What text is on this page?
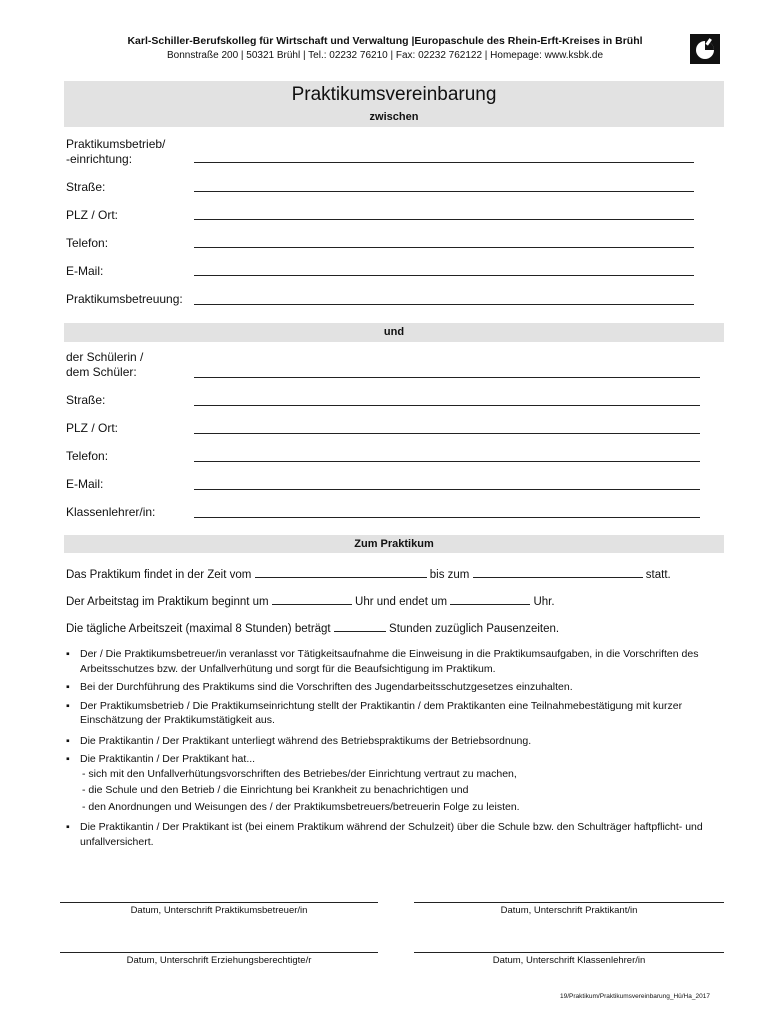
Karl-Schiller-Berufskolleg für Wirtschaft und Verwaltung |Europaschule des Rhein-Erft-Kreises in Brühl
Bonnstraße 200 | 50321 Brühl | Tel.: 02232 76210 | Fax: 02232 762122 | Homepage: www.ksbk.de
Praktikumsvereinbarung
zwischen
Praktikumsbetrieb/
-einrichtung:
Straße:
PLZ / Ort:
Telefon:
E-Mail:
Praktikumsbetreuung:
und
der Schülerin /
dem Schüler:
Straße:
PLZ / Ort:
Telefon:
E-Mail:
Klassenlehrer/in:
Zum Praktikum
Das Praktikum findet in der Zeit vom	bis zum	statt.
Der Arbeitstag im Praktikum beginnt um	Uhr und endet um	Uhr.
Die tägliche Arbeitszeit (maximal 8 Stunden) beträgt	Stunden zuzüglich Pausenzeiten.
▪ Der / Die Praktikumsbetreuer/in veranlasst vor Tätigkeitsaufnahme die Einweisung in die Praktikumsaufgaben, in die Vorschriften des Arbeitsschutzes bzw. der Unfallverhütung und sorgt für die Beaufsichtigung im Praktikum.
▪ Bei der Durchführung des Praktikums sind die Vorschriften des Jugendarbeitsschutzgesetzes einzuhalten.
▪ Der Praktikumsbetrieb / Die Praktikumseinrichtung stellt der Praktikantin / dem Praktikanten eine Teilnahmebestätigung mit kurzer Einschätzung der Praktikumstätigkeit aus.
▪ Die Praktikantin / Der Praktikant unterliegt während des Betriebspraktikums der Betriebsordnung.
▪ Die Praktikantin / Der Praktikant hat...
- sich mit den Unfallverhütungsvorschriften des Betriebes/der Einrichtung vertraut zu machen,
- die Schule und den Betrieb / die Einrichtung bei Krankheit zu benachrichtigen und
- den Anordnungen und Weisungen des / der Praktikumsbetreuers/betreuerin Folge zu leisten.
▪ Die Praktikantin / Der Praktikant ist (bei einem Praktikum während der Schulzeit) über die Schule bzw. den Schulträger haftpflicht- und unfallversichert.
Datum, Unterschrift Praktikumsbetreuer/in	Datum, Unterschrift Praktikant/in
Datum, Unterschrift Erziehungsberechtigte/r	Datum, Unterschrift Klassenlehrer/in
19/Praktikum/Praktikumsvereinbarung_Hü/Ha_2017
